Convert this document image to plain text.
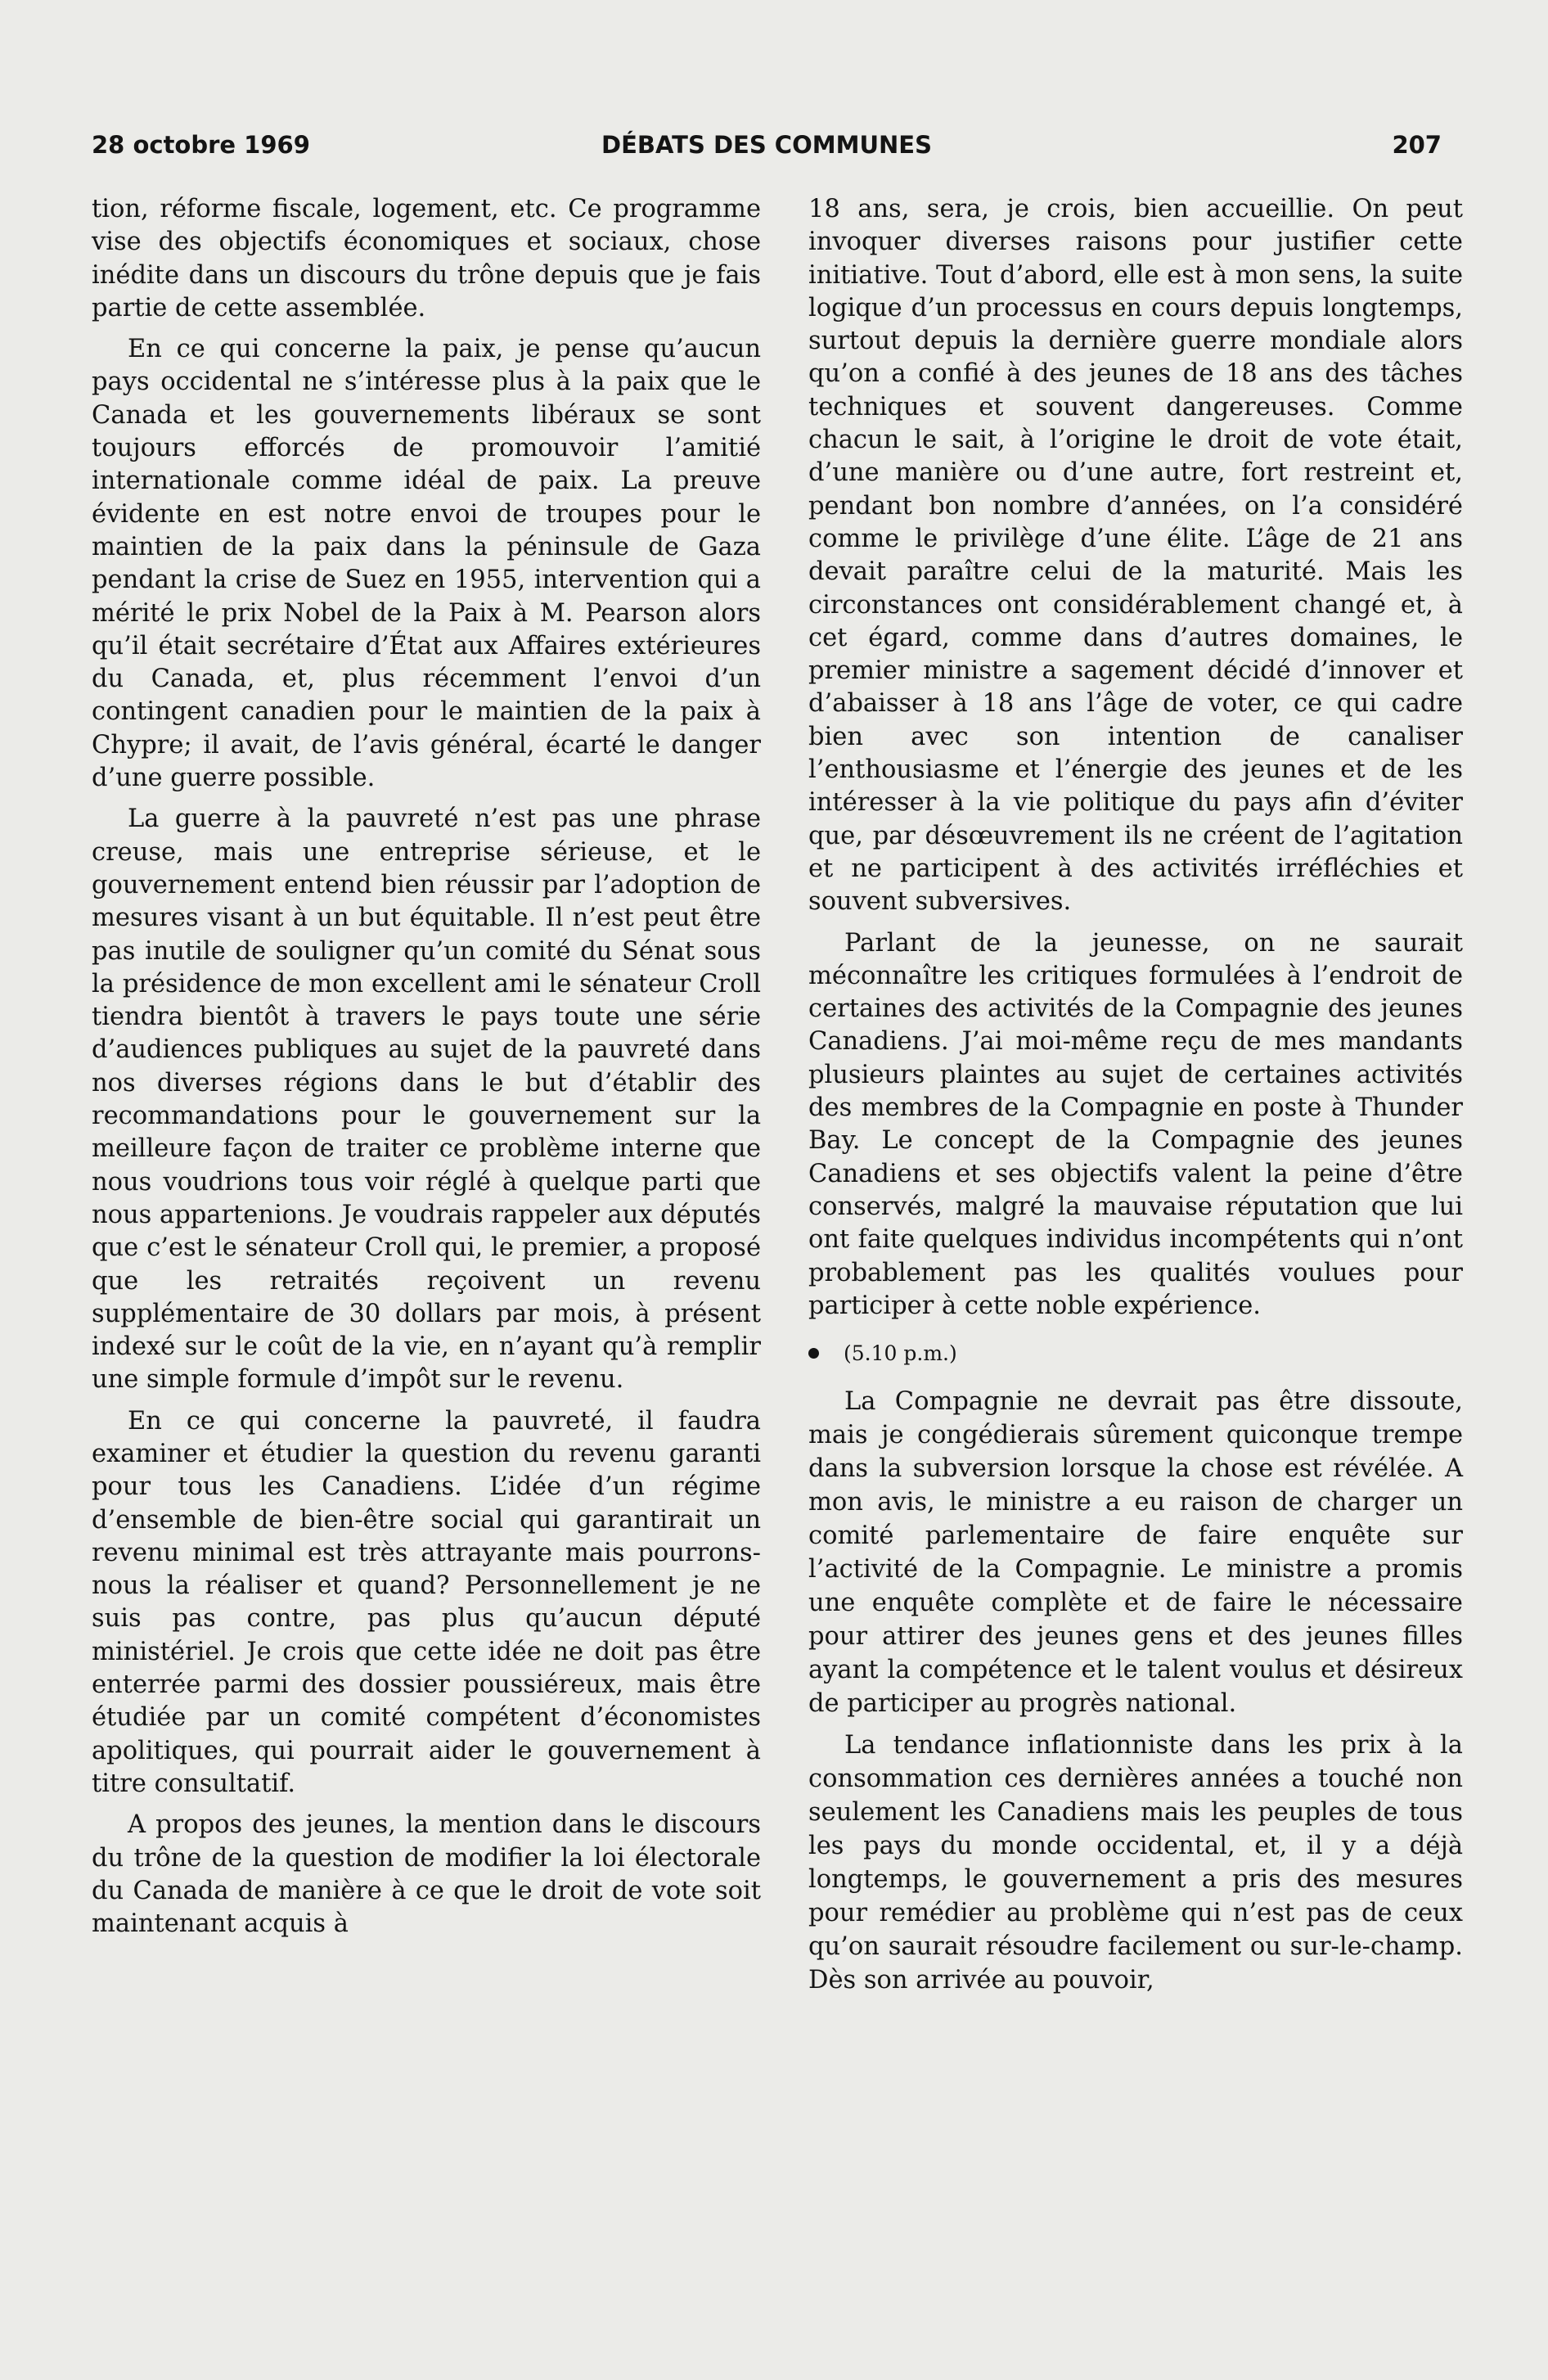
28 octobre 1969	DÉBATS DES COMMUNES	207

tion, réforme fiscale, logement, etc. Ce programme vise des objectifs économiques et sociaux, chose inédite dans un discours du trône depuis que je fais partie de cette assemblée.

En ce qui concerne la paix, je pense qu’aucun pays occidental ne s’intéresse plus à la paix que le Canada et les gouvernements libéraux se sont toujours efforcés de promouvoir l’amitié internationale comme idéal de paix. La preuve évidente en est notre envoi de troupes pour le maintien de la paix dans la péninsule de Gaza pendant la crise de Suez en 1955, intervention qui a mérité le prix Nobel de la Paix à M. Pearson alors qu’il était secrétaire d’État aux Affaires extérieures du Canada, et, plus récemment l’envoi d’un contingent canadien pour le maintien de la paix à Chypre; il avait, de l’avis général, écarté le danger d’une guerre possible.

La guerre à la pauvreté n’est pas une phrase creuse, mais une entreprise sérieuse, et le gouvernement entend bien réussir par l’adoption de mesures visant à un but équitable. Il n’est peut être pas inutile de souligner qu’un comité du Sénat sous la présidence de mon excellent ami le sénateur Croll tiendra bientôt à travers le pays toute une série d’audiences publiques au sujet de la pauvreté dans nos diverses régions dans le but d’établir des recommandations pour le gouvernement sur la meilleure façon de traiter ce problème interne que nous voudrions tous voir réglé à quelque parti que nous appartenions. Je voudrais rappeler aux députés que c’est le sénateur Croll qui, le premier, a proposé que les retraités reçoivent un revenu supplémentaire de 30 dollars par mois, à présent indexé sur le coût de la vie, en n’ayant qu’à remplir une simple formule d’impôt sur le revenu.

En ce qui concerne la pauvreté, il faudra examiner et étudier la question du revenu garanti pour tous les Canadiens. L’idée d’un régime d’ensemble de bien-être social qui garantirait un revenu minimal est très attrayante mais pourrons-nous la réaliser et quand? Personnellement je ne suis pas contre, pas plus qu’aucun député ministériel. Je crois que cette idée ne doit pas être enterrée parmi des dossier poussiéreux, mais être étudiée par un comité compétent d’économistes apolitiques, qui pourrait aider le gouvernement à titre consultatif.

A propos des jeunes, la mention dans le discours du trône de la question de modifier la loi électorale du Canada de manière à ce que le droit de vote soit maintenant acquis à

18 ans, sera, je crois, bien accueillie. On peut invoquer diverses raisons pour justifier cette initiative. Tout d’abord, elle est à mon sens, la suite logique d’un processus en cours depuis longtemps, surtout depuis la dernière guerre mondiale alors qu’on a confié à des jeunes de 18 ans des tâches techniques et souvent dangereuses. Comme chacun le sait, à l’origine le droit de vote était, d’une manière ou d’une autre, fort restreint et, pendant bon nombre d’années, on l’a considéré comme le privilège d’une élite. L’âge de 21 ans devait paraître celui de la maturité. Mais les circonstances ont considérablement changé et, à cet égard, comme dans d’autres domaines, le premier ministre a sagement décidé d’innover et d’abaisser à 18 ans l’âge de voter, ce qui cadre bien avec son intention de canaliser l’enthousiasme et l’énergie des jeunes et de les intéresser à la vie politique du pays afin d’éviter que, par désœuvrement ils ne créent de l’agitation et ne participent à des activités irréfléchies et souvent subversives.

Parlant de la jeunesse, on ne saurait méconnaître les critiques formulées à l’endroit de certaines des activités de la Compagnie des jeunes Canadiens. J’ai moi-même reçu de mes mandants plusieurs plaintes au sujet de certaines activités des membres de la Compagnie en poste à Thunder Bay. Le concept de la Compagnie des jeunes Canadiens et ses objectifs valent la peine d’être conservés, malgré la mauvaise réputation que lui ont faite quelques individus incompétents qui n’ont probablement pas les qualités voulues pour participer à cette noble expérience.

(5.10 p.m.)

La Compagnie ne devrait pas être dissoute, mais je congédierais sûrement quiconque trempe dans la subversion lorsque la chose est révélée. A mon avis, le ministre a eu raison de charger un comité parlementaire de faire enquête sur l’activité de la Compagnie. Le ministre a promis une enquête complète et de faire le nécessaire pour attirer des jeunes gens et des jeunes filles ayant la compétence et le talent voulus et désireux de participer au progrès national.

La tendance inflationniste dans les prix à la consommation ces dernières années a touché non seulement les Canadiens mais les peuples de tous les pays du monde occidental, et, il y a déjà longtemps, le gouvernement a pris des mesures pour remédier au problème qui n’est pas de ceux qu’on saurait résoudre facilement ou sur-le-champ. Dès son arrivée au pouvoir,
